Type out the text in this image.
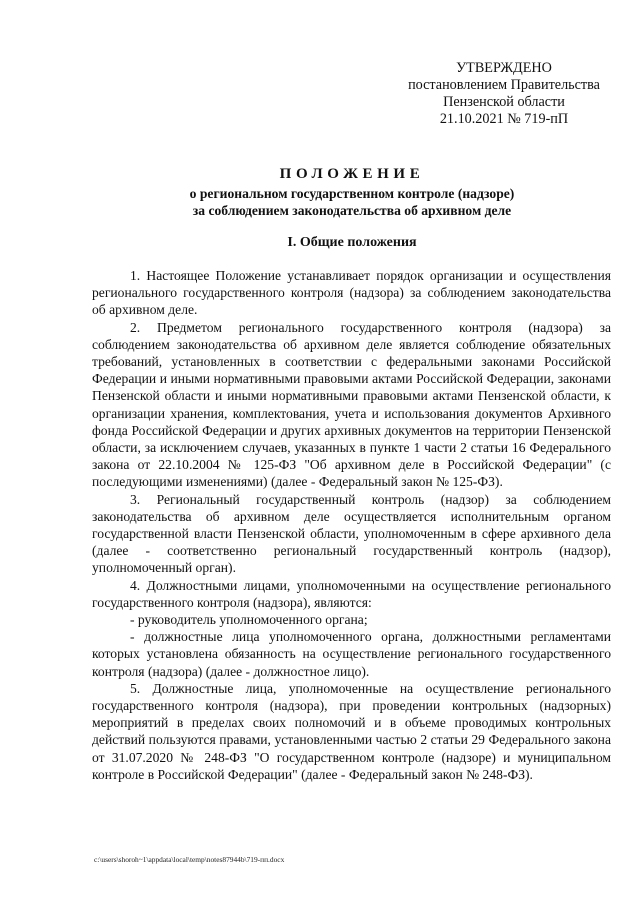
УТВЕРЖДЕНО
постановлением Правительства
Пензенской области
21.10.2021 № 719-пП
ПОЛОЖЕНИЕ
о региональном государственном контроле (надзоре)
за соблюдением законодательства об архивном деле
I. Общие положения

1. Настоящее Положение устанавливает порядок организации и осуществления регионального государственного контроля (надзора) за соблюдением законодательства об архивном деле.

2. Предметом регионального государственного контроля (надзора) за соблюдением законодательства об архивном деле является соблюдение обязательных требований, установленных в соответствии с федеральными законами Российской Федерации и иными нормативными правовыми актами Российской Федерации, законами Пензенской области и иными нормативными правовыми актами Пензенской области, к организации хранения, комплектования, учета и использования документов Архивного фонда Российской Федерации и других архивных документов на территории Пензенской области, за исключением случаев, указанных в пункте 1 части 2 статьи 16 Федерального закона от 22.10.2004 № 125-ФЗ "Об архивном деле в Российской Федерации" (с последующими изменениями) (далее - Федеральный закон № 125-ФЗ).

3. Региональный государственный контроль (надзор) за соблюдением законодательства об архивном деле осуществляется исполнительным органом государственной власти Пензенской области, уполномоченным в сфере архивного дела (далее - соответственно региональный государственный контроль (надзор), уполномоченный орган).

4. Должностными лицами, уполномоченными на осуществление регионального государственного контроля (надзора), являются:

- руководитель уполномоченного органа;

- должностные лица уполномоченного органа, должностными регламентами которых установлена обязанность на осуществление регионального государственного контроля (надзора) (далее - должностное лицо).

5. Должностные лица, уполномоченные на осуществление регионального государственного контроля (надзора), при проведении контрольных (надзорных) мероприятий в пределах своих полномочий и в объеме проводимых контрольных действий пользуются правами, установленными частью 2 статьи 29 Федерального закона от 31.07.2020 № 248-ФЗ "О государственном контроле (надзоре) и муниципальном контроле в Российской Федерации" (далее - Федеральный закон № 248-ФЗ).

c:\users\shoroh~1\appdata\local\temp\notes87944b\719-пп.docx
